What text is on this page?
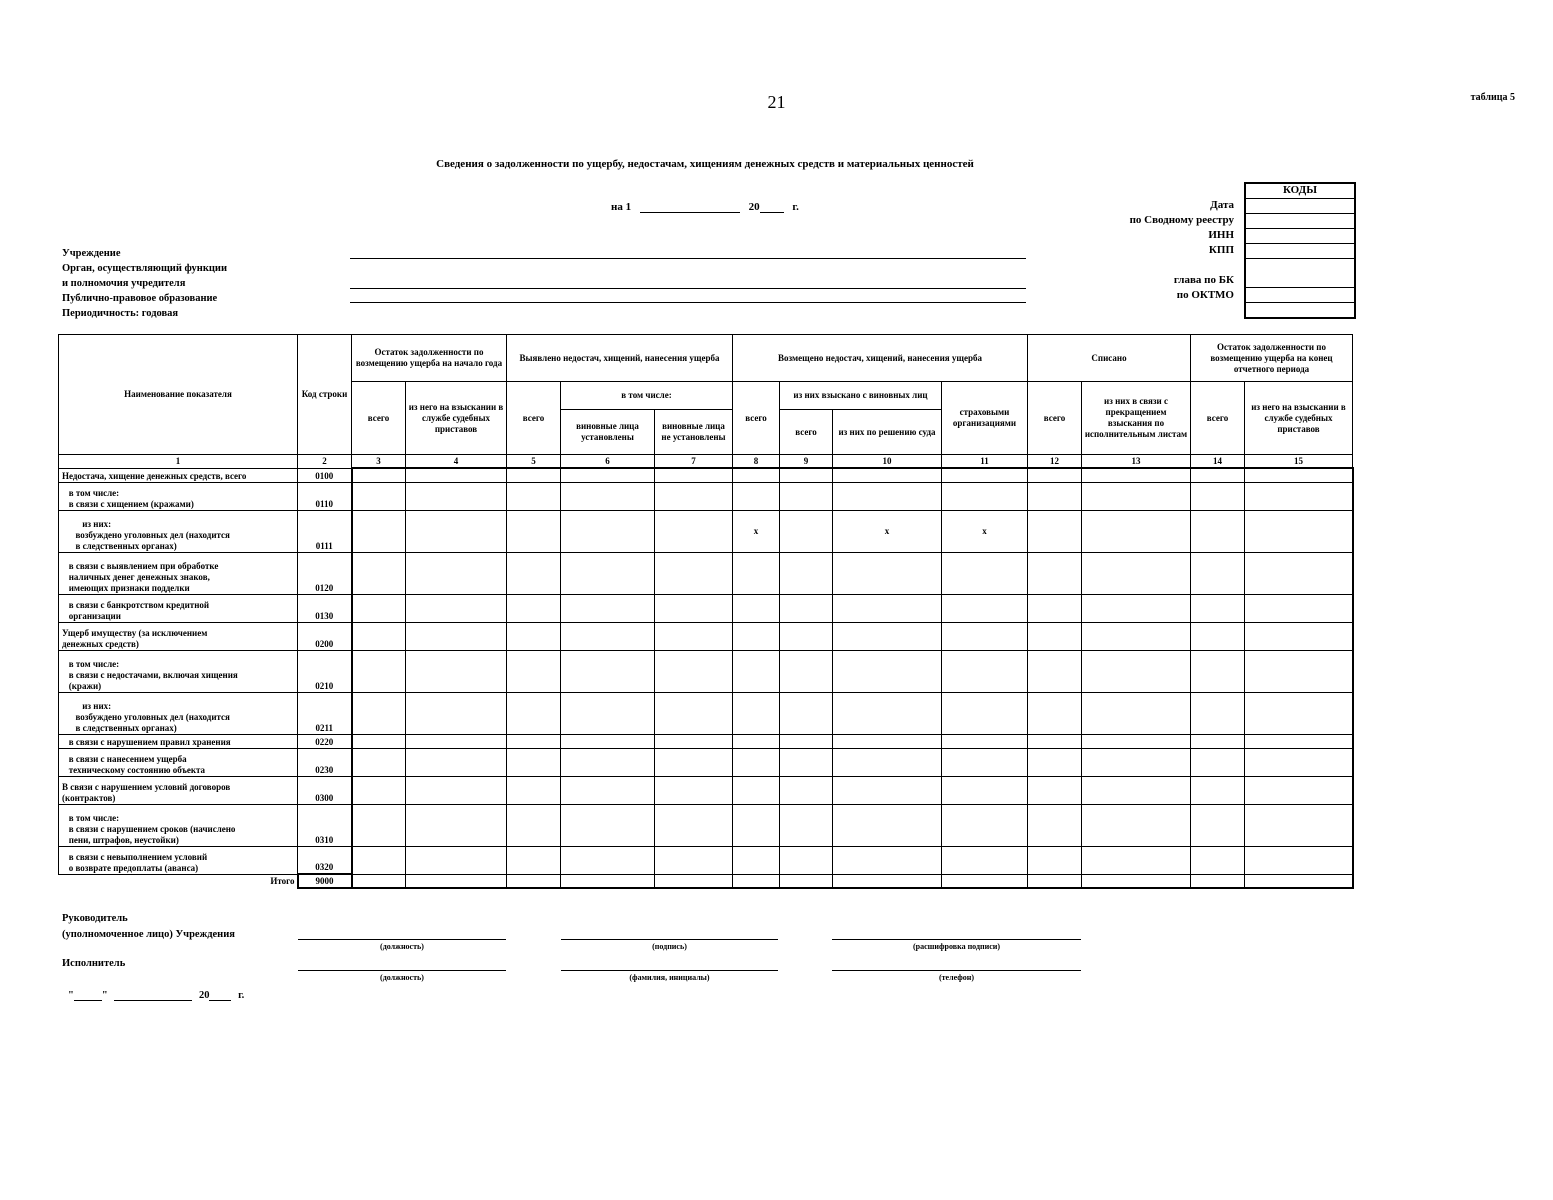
21	таблица 5
Сведения о задолженности по ущербу, недостачам, хищениям денежных средств и материальных ценностей
на 1	20	г.
КОДЫ
Дата
по Сводному реестру
ИНН
КПП
глава по БК
по ОКТМО
Учреждение
Орган, осуществляющий функции
и полномочия учредителя
Публично-правовое образование
Периодичность: годовая
Наименование показателя	Код строки	Остаток задолженности по возмещению ущерба на начало года		Выявлено недостач, хищений, нанесения ущерба			Возмещено недостач, хищений, нанесения ущерба				Списано		Остаток задолженности по возмещению ущерба на конец отчетного периода	
		всего	из него на взыскании в службе судебных приставов	всего	в том числе:		всего	из них взыскано с виновных лиц		страховыми организациями	всего	из них в связи с прекращением взыскания по исполнительным листам	всего	из него на взыскании в службе судебных приставов
					виновные лица установлены	виновные лица не установлены		всего	из них по решению суда					
1	2	3	4	5	6	7	8	9	10	11	12	13	14	15

Недостача, хищение денежных средств, всего	0100													

в том числе:
в связи с хищением (кражами)	0110													

из них:
возбуждено уголовных дел (находится
в следственных органах)	0111						x		x	x				

в связи с выявлением при обработке
наличных денег денежных знаков,
имеющих признаки подделки	0120													

в связи с банкротством кредитной
организации	0130													

Ущерб имуществу (за исключением
денежных средств)	0200													

в том числе:
в связи с недостачами, включая хищения
(кражи)	0210													

из них:
возбуждено уголовных дел (находится
в следственных органах)	0211													

в связи с нарушением правил хранения	0220													

в связи с нанесением ущерба
техническому состоянию объекта	0230													

В связи с нарушением условий договоров
(контрактов)	0300													

в том числе:
в связи с нарушением сроков (начислено
пени, штрафов, неустойки)	0310													

в связи с невыполнением условий
о возврате предоплаты (аванса)	0320													
Итого	9000													
Руководитель
(уполномоченное лицо) Учреждения
(должность)	(подпись)	(расшифровка подписи)
Исполнитель
(должность)	(фамилия, инициалы)	(телефон)
"	"	20	г.
